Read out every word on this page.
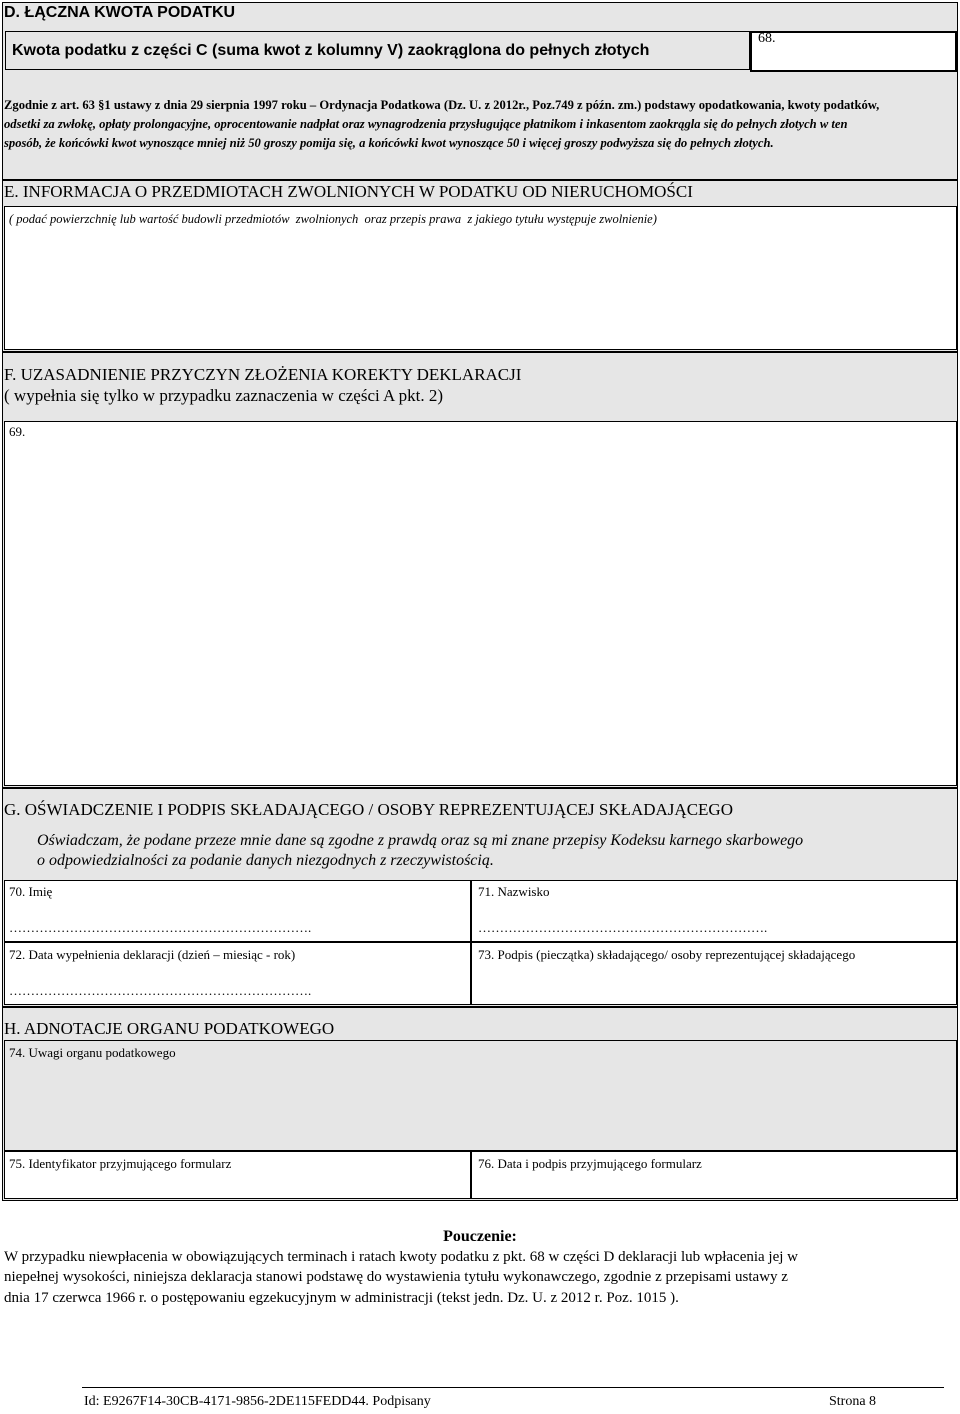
D. ŁĄCZNA KWOTA PODATKU
Kwota podatku z części C (suma kwot z kolumny V) zaokrąglona do pełnych złotych
68.
Zgodnie z art. 63 §1 ustawy z dnia 29 sierpnia 1997 roku – Ordynacja Podatkowa (Dz. U. z 2012r., Poz.749 z późn. zm.) podstawy opodatkowania, kwoty podatków,
odsetki za zwłokę, opłaty prolongacyjne, oprocentowanie nadpłat oraz wynagrodzenia przysługujące płatnikom i inkasentom zaokrągla się do pełnych złotych w ten
sposób, że końcówki kwot wynoszące mniej niż 50 groszy pomija się, a końcówki kwot wynoszące 50 i więcej groszy podwyższa się do pełnych złotych.
E. INFORMACJA O PRZEDMIOTACH ZWOLNIONYCH W PODATKU OD NIERUCHOMOŚCI
( podać powierzchnię lub wartość budowli przedmiotów  zwolnionych  oraz przepis prawa  z jakiego tytułu występuje zwolnienie)
F. UZASADNIENIE PRZYCZYN ZŁOŻENIA KOREKTY DEKLARACJI
( wypełnia się tylko w przypadku zaznaczenia w części A pkt. 2)
69.
G. OŚWIADCZENIE I PODPIS SKŁADAJĄCEGO / OSOBY REPREZENTUJĄCEJ SKŁADAJĄCEGO
Oświadczam, że podane przeze mnie dane są zgodne z prawdą oraz są mi znane przepisy Kodeksu karnego skarbowego
o odpowiedzialności za podanie danych niezgodnych z rzeczywistością.
70. Imię
…………………………………………………………….
71. Nazwisko
………………………………………………………….
72. Data wypełnienia deklaracji (dzień – miesiąc - rok)
…………………………………………………………….
73. Podpis (pieczątka) składającego/ osoby reprezentującej składającego
H. ADNOTACJE ORGANU PODATKOWEGO
74. Uwagi organu podatkowego
75. Identyfikator przyjmującego formularz	76. Data i podpis przyjmującego formularz
Pouczenie:
W przypadku niewpłacenia w obowiązujących terminach i ratach kwoty podatku z pkt. 68 w części D deklaracji lub wpłacenia jej w
niepełnej wysokości, niniejsza deklaracja stanowi podstawę do wystawienia tytułu wykonawczego, zgodnie z przepisami ustawy z
dnia 17 czerwca 1966 r. o postępowaniu egzekucyjnym w administracji (tekst jedn. Dz. U. z 2012 r. Poz. 1015 ).
Id: E9267F14-30CB-4171-9856-2DE115FEDD44. Podpisany	Strona 8
